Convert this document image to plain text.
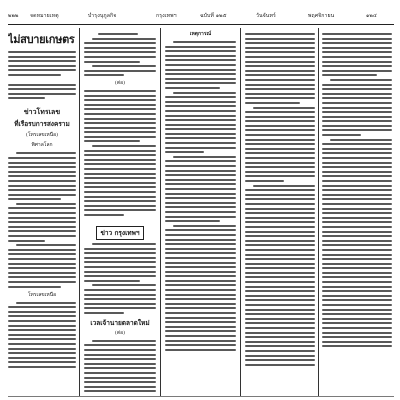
๒๒๒ จดหมายเหตุ	บำรุงนุกูลกิจ	กรุงเทพฯ	ฉบับที่ ๑๒๕	วันจันทร์	พฤศจิกายน	๑๒๔
ไม่สบายเกษตร
ข่าวโทรเลข
ที่เรือรบการสงคราม
(โทรเลขเหนือ)
พิศาลโลก
โทรเลขเหนือ
(ต่อ)
ข่าว กรุงเทพฯ
เวลเจ้านายตลาดใหม่
(ต่อ)
เหตุการณ์
